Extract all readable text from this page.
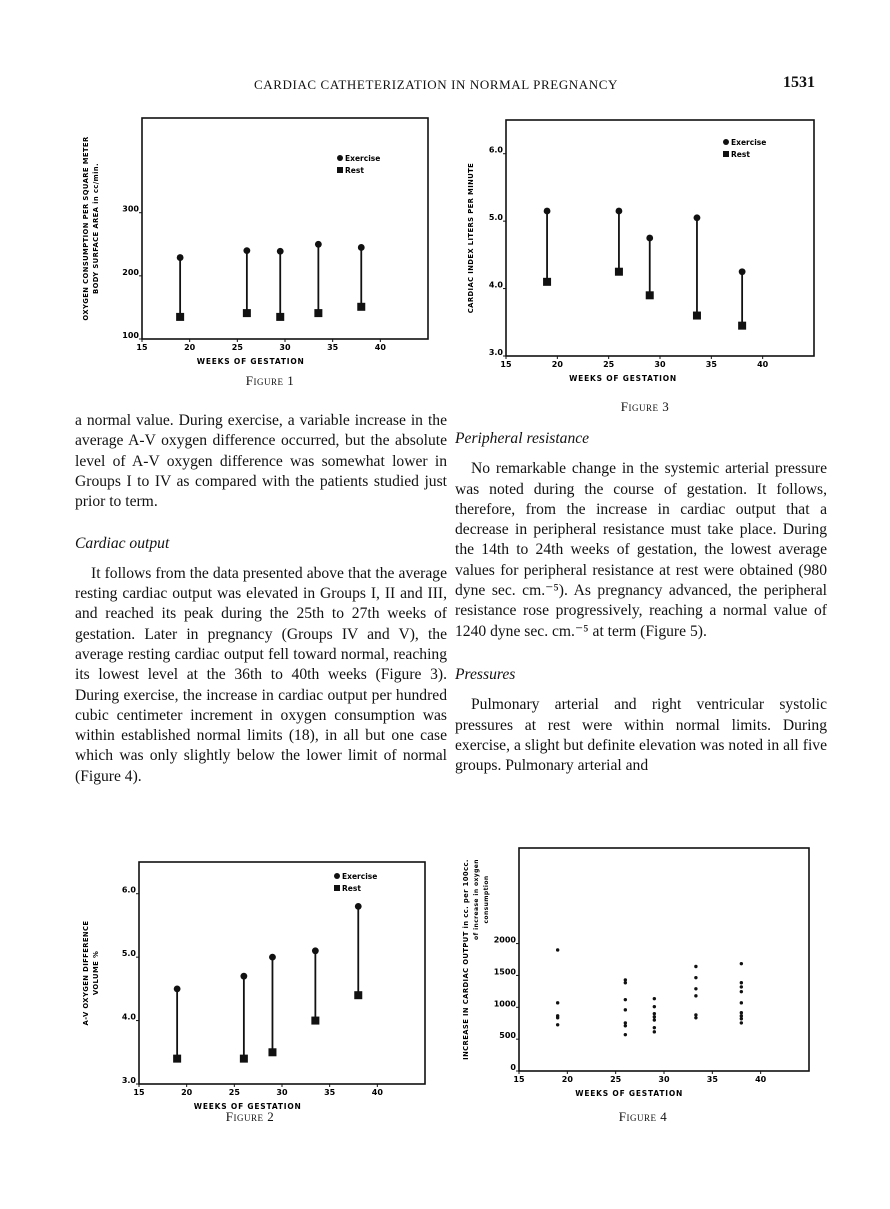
CARDIAC CATHETERIZATION IN NORMAL PREGNANCY	1531
15	20	25	30	35	40
100
200
300
WEEKS OF GESTATION
OXYGEN CONSUMPTION PER SQUARE METER BODY SURFACE AREA in cc/min.
Exercise
Rest
Figure 1
15	20	25	30	35	40
3.0
4.0
5.0
6.0
WEEKS OF GESTATION
CARDIAC INDEX LITERS PER MINUTE
Exercise
Rest
Figure 3
15	20	25	30	35	40
3.0
4.0
5.0
6.0
WEEKS OF GESTATION
A-V OXYGEN DIFFERENCE VOLUME %
Exercise
Rest
Figure 2
15	20	25	30	35	40
0
500
1000
1500
2000
WEEKS OF GESTATION
INCREASE IN CARDIAC OUTPUT in cc. per 100cc. of increase in oxygen consumption
Figure 4

a normal value. During exercise, a variable increase in the average A-V oxygen difference occurred, but the absolute level of A-V oxygen difference was somewhat lower in Groups I to IV as compared with the patients studied just prior to term.

Cardiac output

It follows from the data presented above that the average resting cardiac output was elevated in Groups I, II and III, and reached its peak during the 25th to 27th weeks of gestation. Later in pregnancy (Groups IV and V), the average resting cardiac output fell toward normal, reaching its lowest level at the 36th to 40th weeks (Figure 3). During exercise, the increase in cardiac output per hundred cubic centimeter increment in oxygen consumption was within established normal limits (18), in all but one case which was only slightly below the lower limit of normal (Figure 4).

Peripheral resistance

No remarkable change in the systemic arterial pressure was noted during the course of gestation. It follows, therefore, from the increase in cardiac output that a decrease in peripheral resistance must take place. During the 14th to 24th weeks of gestation, the lowest average values for peripheral resistance at rest were obtained (980 dyne sec. cm.⁻⁵). As pregnancy advanced, the peripheral resistance rose progressively, reaching a normal value of 1240 dyne sec. cm.⁻⁵ at term (Figure 5).

Pressures

Pulmonary arterial and right ventricular systolic pressures at rest were within normal limits. During exercise, a slight but definite elevation was noted in all five groups. Pulmonary arterial and
